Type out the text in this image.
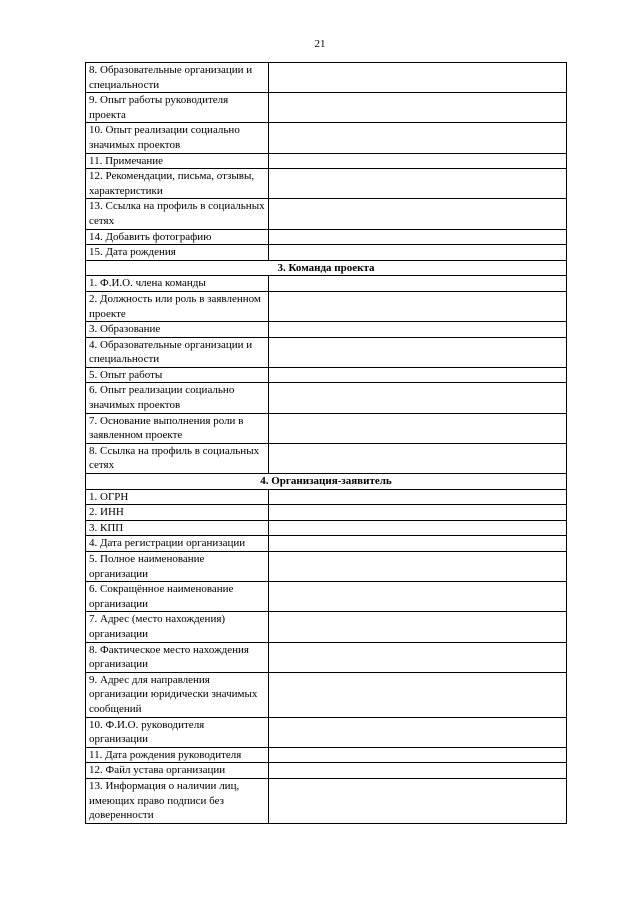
21
8. Образовательные организации и специальности	
9. Опыт работы руководителя проекта	
10. Опыт реализации социально значимых проектов	
11. Примечание	
12. Рекомендации, письма, отзывы, характеристики	
13. Ссылка на профиль в социальных сетях	
14. Добавить фотографию	
15. Дата рождения	
3. Команда проекта	
1. Ф.И.О. члена команды	
2. Должность или роль в заявленном проекте	
3. Образование	
4. Образовательные организации и специальности	
5. Опыт работы	
6. Опыт реализации социально значимых проектов	
7. Основание выполнения роли в заявленном проекте	
8. Ссылка на профиль в социальных сетях	
4. Организация-заявитель	
1. ОГРН	
2. ИНН	
3. КПП	
4. Дата регистрации организации	
5. Полное наименование организации	
6. Сокращённое наименование организации	
7. Адрес (место нахождения) организации	
8. Фактическое место нахождения организации	
9. Адрес для направления организации юридически значимых сообщений	
10. Ф.И.О. руководителя организации	
11. Дата рождения руководителя	
12. Файл устава организации	
13. Информация о наличии лиц, имеющих право подписи без доверенности	
